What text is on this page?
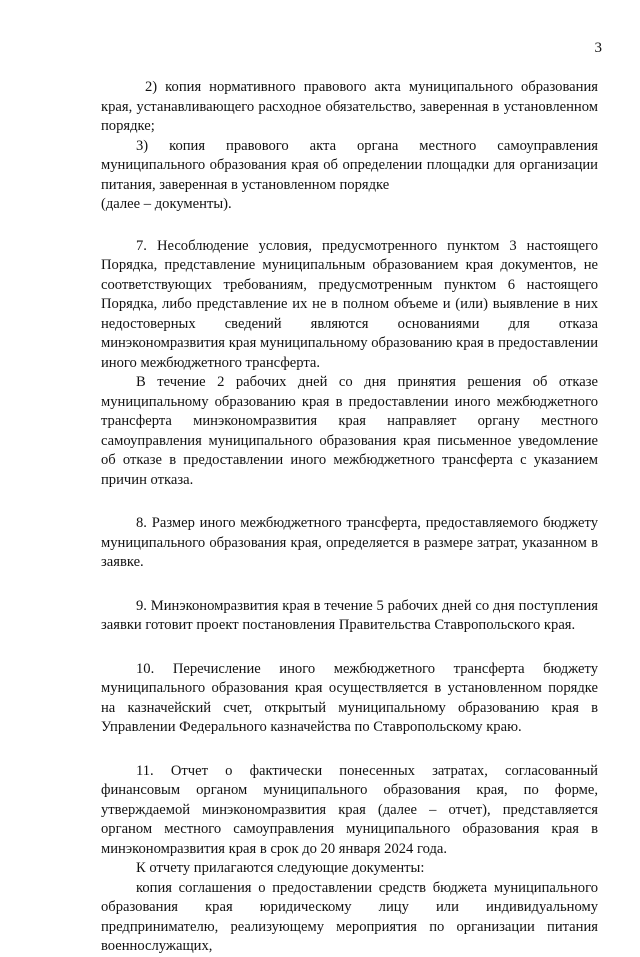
3

2) копия нормативного правового акта муниципального образования края, устанавливающего расходное обязательство, заверенная в установленном порядке;

3) копия правового акта органа местного самоуправления муниципального образования края об определении площадки для организации питания, заверенная в установленном порядке

(далее – документы).

7. Несоблюдение условия, предусмотренного пунктом 3 настоящего Порядка, представление муниципальным образованием края документов, не соответствующих требованиям, предусмотренным пунктом 6 настоящего Порядка, либо представление их не в полном объеме и (или) выявление в них недостоверных сведений являются основаниями для отказа минэкономразвития края муниципальному образованию края в предоставлении иного межбюджетного трансферта.

В течение 2 рабочих дней со дня принятия решения об отказе муниципальному образованию края в предоставлении иного межбюджетного трансферта минэкономразвития края направляет органу местного самоуправления муниципального образования края письменное уведомление об отказе в предоставлении иного межбюджетного трансферта с указанием причин отказа.

8. Размер иного межбюджетного трансферта, предоставляемого бюджету муниципального образования края, определяется в размере затрат, указанном в заявке.

9. Минэкономразвития края в течение 5 рабочих дней со дня поступления заявки готовит проект постановления Правительства Ставропольского края.

10. Перечисление иного межбюджетного трансферта бюджету муниципального образования края осуществляется в установленном порядке на казначейский счет, открытый муниципальному образованию края в Управлении Федерального казначейства по Ставропольскому краю.

11. Отчет о фактически понесенных затратах, согласованный финансовым органом муниципального образования края, по форме, утверждаемой минэкономразвития края (далее – отчет), представляется органом местного самоуправления муниципального образования края в минэкономразвития края в срок до 20 января 2024 года.

К отчету прилагаются следующие документы:

копия соглашения о предоставлении средств бюджета муниципального образования края юридическому лицу или индивидуальному предпринимателю, реализующему мероприятия по организации питания военнослужащих,
